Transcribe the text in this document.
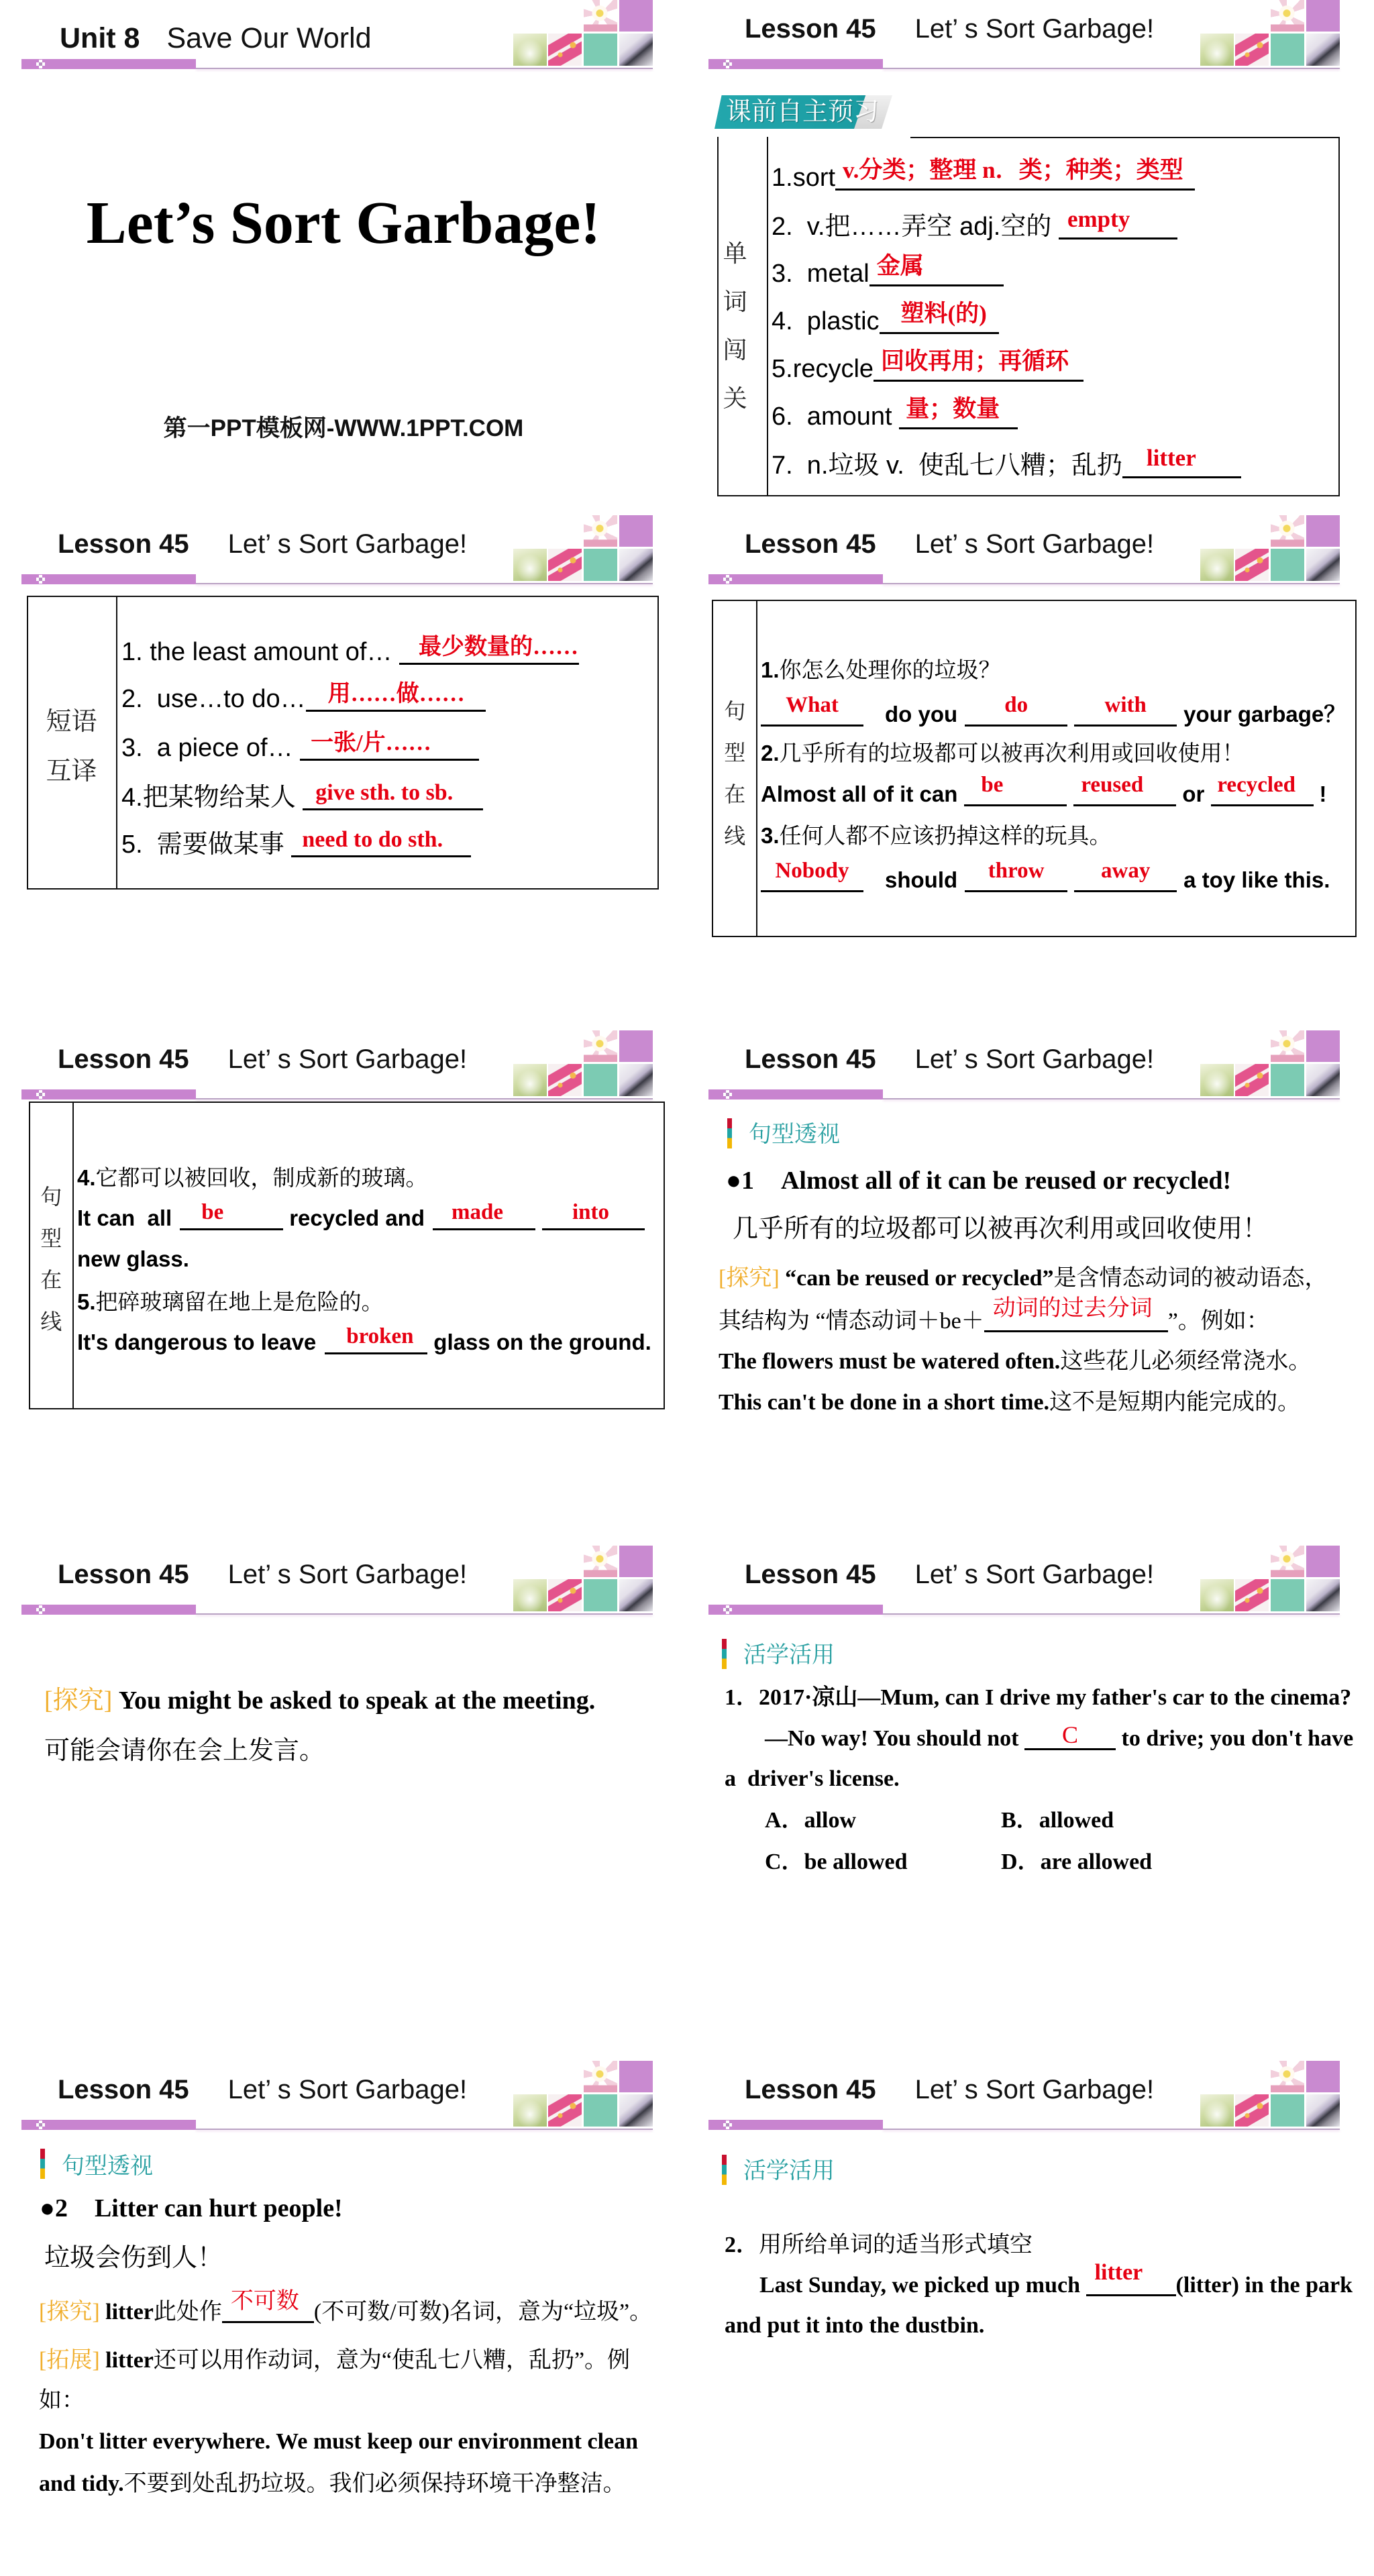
Unit 8 Save Our World
Let’s Sort Garbage!
第一PPT模板网-WWW.1PPT.COM
Lesson 45 Let’ s Sort Garbage!
课前自主预习
单词闯关
1.sort v.分类；整理 n．类；种类；类型
2.  v.把……弄空 adj.空的 empty
3.  metal 金属
4.  plastic 塑料(的)
5.recycle 回收再用；再循环
6.  amount 量；数量
7.  n.垃圾 v.  使乱七八糟；乱扔 litter
Lesson 45 Let’ s Sort Garbage!
短语
互译
1. the least amount of… 最少数量的……
2.  use…to do… 用……做……
3.  a piece of… 一张/片……
4.把某物给某人 give sth. to sb.
5.  需要做某事 need to do sth.
Lesson 45 Let’ s Sort Garbage!
句型在线
1.你怎么处理你的垃圾？
What	do you	do	with	your garbage？
2.几乎所有的垃圾都可以被再次利用或回收使用！
Almost all of it can be	reused or recycled !
3.任何人都不应该扔掉这样的玩具。
Nobody	should	throw	away	a toy like this.
Lesson 45 Let’ s Sort Garbage!
句型在线
4.它都可以被回收，制成新的玻璃。
It can  all be	recycled and made	into
new glass.
5.把碎玻璃留在地上是危险的。
It's dangerous to leave broken glass on the ground.
Lesson 45 Let’ s Sort Garbage!
句型透视
●1 Almost all of it can be reused or recycled!
几乎所有的垃圾都可以被再次利用或回收使用！
[探究] “can be reused or recycled”是含情态动词的被动语态，
其结构为 “情态动词＋be＋
动词的过去分词
”。例如：
The flowers must be watered often.这些花儿必须经常浇水。
This can't be done in a short time.这不是短期内能完成的。
Lesson 45 Let’ s Sort Garbage!
[探究] You might be asked to speak at the meeting.
可能会请你在会上发言。
Lesson 45 Let’ s Sort Garbage!
活学活用
1．2017·凉山—Mum, can I drive my father's car to the cinema?
—No way! You should not	C	to drive; you don't have
a  driver's license.
A．allow	B．allowed
C．be allowed	D．are allowed
Lesson 45 Let’ s Sort Garbage!
句型透视
●2 Litter can hurt people!
垃圾会伤到人！
[探究] litter此处作 不可数 (不可数/可数)名词，意为“垃圾”。
[拓展] litter还可以用作动词，意为“使乱七八糟，乱扔”。例
如：
Don't litter everywhere. We must keep our environment clean
and tidy.不要到处乱扔垃圾。我们必须保持环境干净整洁。
Lesson 45 Let’ s Sort Garbage!
活学活用
2．用所给单词的适当形式填空
Last Sunday, we picked up much
litter
(litter) in the park
and put it into the dustbin.
